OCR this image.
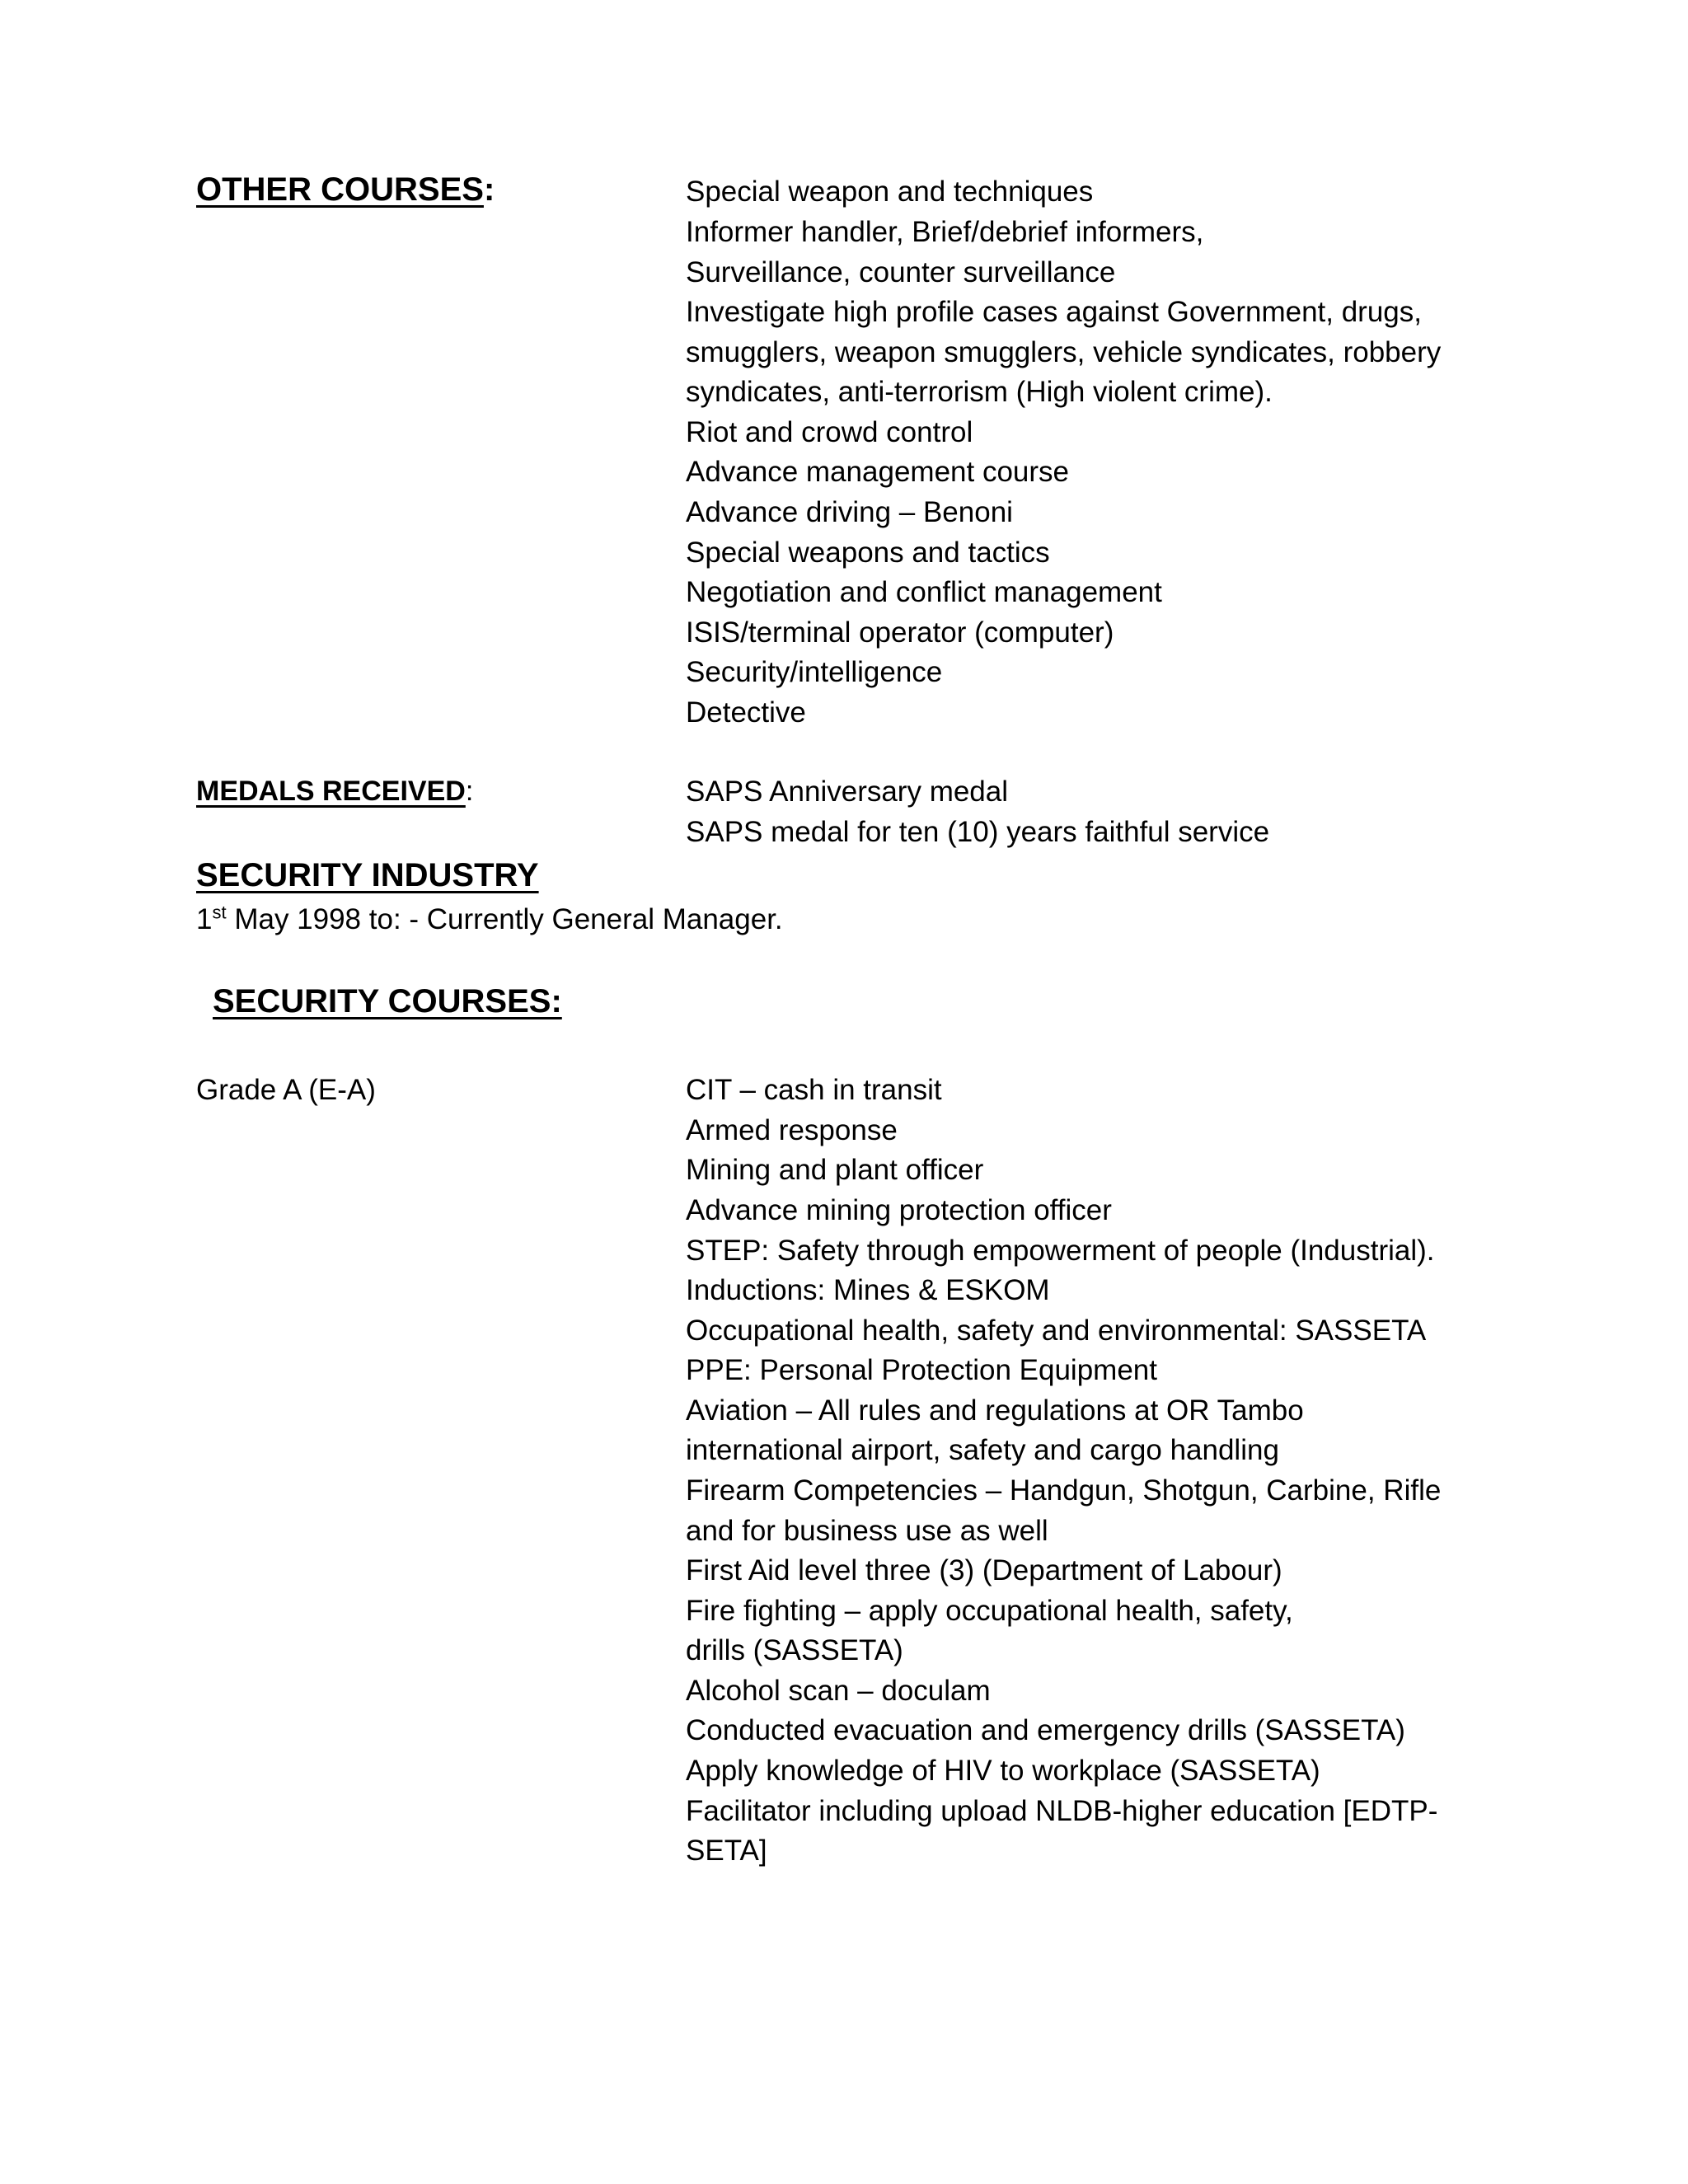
OTHER COURSES:	Special weapon and techniques
Informer handler, Brief/debrief informers,
Surveillance, counter surveillance
Investigate high profile cases against Government, drugs,
smugglers, weapon smugglers, vehicle syndicates, robbery
syndicates, anti-terrorism (High violent crime).
Riot and crowd control
Advance management course
Advance driving – Benoni
Special weapons and tactics
Negotiation and conflict management
ISIS/terminal operator (computer)
Security/intelligence
Detective
MEDALS RECEIVED:	SAPS Anniversary medal
SAPS medal for ten (10) years faithful service
SECURITY INDUSTRY
1st May 1998 to: - Currently General Manager.
SECURITY COURSES:
Grade A (E-A)	CIT – cash in transit
Armed response
Mining and plant officer
Advance mining protection officer
STEP: Safety through empowerment of people (Industrial).
Inductions: Mines & ESKOM
Occupational health, safety and environmental: SASSETA
PPE: Personal Protection Equipment
Aviation – All rules and regulations at OR Tambo
international airport, safety and cargo handling
Firearm Competencies – Handgun, Shotgun, Carbine, Rifle
and for business use as well
First Aid level three (3) (Department of Labour)
Fire fighting – apply occupational health, safety,
drills (SASSETA)
Alcohol scan – doculam
Conducted evacuation and emergency drills (SASSETA)
Apply knowledge of HIV to workplace (SASSETA)
Facilitator including upload NLDB-higher education [EDTP-
SETA]
